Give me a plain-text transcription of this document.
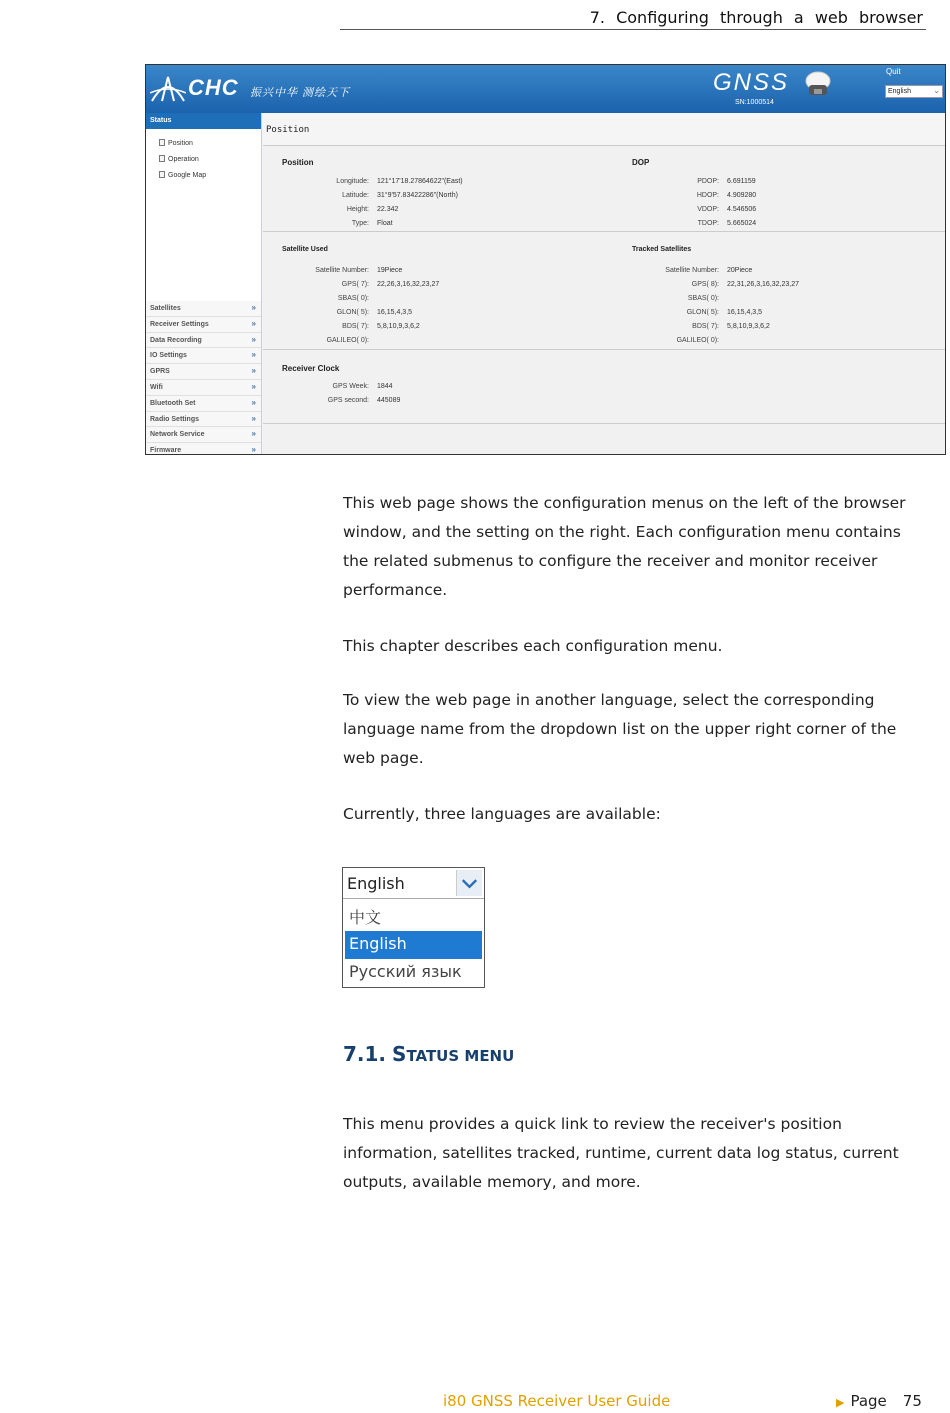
7. Configuring through a web browser
CHC 振兴中华 测绘天下	GNSS
SN:1000514
Quit
English	⌄
Status
Position
Operation
Google Map
Satellites	»
Receiver Settings	»
Data Recording	»
IO Settings	»
GPRS	»
Wifi	»
Bluetooth Set	»
Radio Settings	»
Network Service	»
Firmware	»
Position
Position
Longitude: 121°17'18.27864622"(East)
Latitude: 31°9'57.83422286"(North)
Height: 22.342
Type: Float
DOP
PDOP: 6.691159
HDOP: 4.909280
VDOP: 4.546506
TDOP: 5.665024
Satellite Used
Satellite Number: 19Piece
GPS( 7): 22,26,3,16,32,23,27
SBAS( 0):
GLON( 5): 16,15,4,3,5
BDS( 7): 5,8,10,9,3,6,2
GALILEO( 0):
Tracked Satellites
Satellite Number: 20Piece
GPS( 8): 22,31,26,3,16,32,23,27
SBAS( 0):
GLON( 5): 16,15,4,3,5
BDS( 7): 5,8,10,9,3,6,2
GALILEO( 0):
Receiver Clock
GPS Week: 1844
GPS second: 445089

This web page shows the configuration menus on the left of the browser window, and the setting on the right. Each configuration menu contains the related submenus to configure the receiver and monitor receiver performance.

This chapter describes each configuration menu.

To view the web page in another language, select the corresponding language name from the dropdown list on the upper right corner of the web page.

Currently, three languages are available:

English
中文
English
Русский язык
7.1. STATUS MENU

This menu provides a quick link to review the receiver's position information, satellites tracked, runtime, current data log status, current outputs, available memory, and more.

i80 GNSS Receiver User Guide	▶ Page 75
